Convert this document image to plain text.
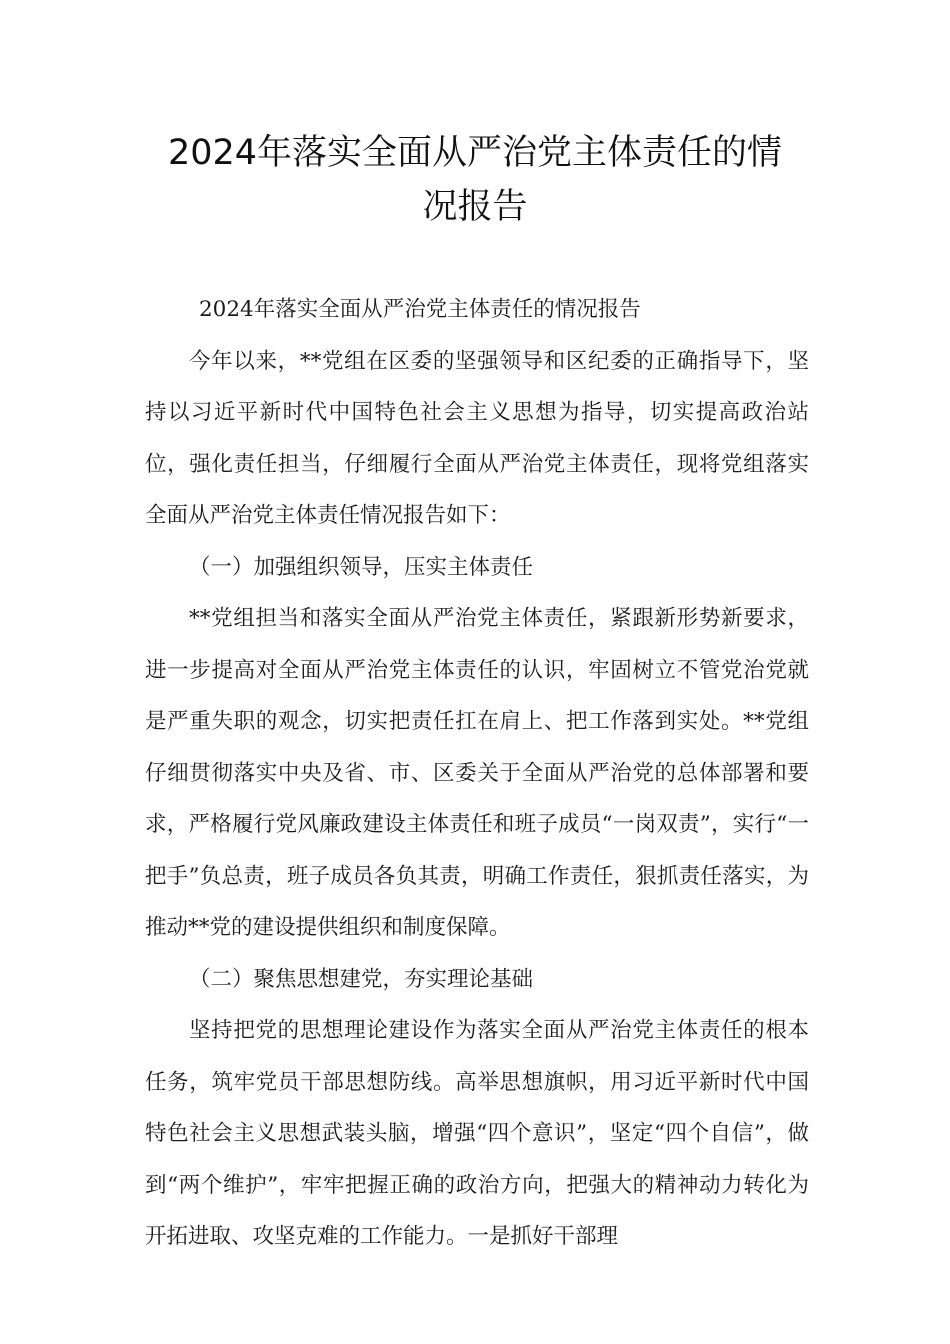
2024年落实全面从严治党主体责任的情
况报告

2024年落实全面从严治党主体责任的情况报告

今年以来，**党组在区委的坚强领导和区纪委的正确指导下，坚持以习近平新时代中国特色社会主义思想为指导，切实提高政治站位，强化责任担当，仔细履行全面从严治党主体责任，现将党组落实全面从严治党主体责任情况报告如下：

（一）加强组织领导，压实主体责任

**党组担当和落实全面从严治党主体责任，紧跟新形势新要求，进一步提高对全面从严治党主体责任的认识，牢固树立不管党治党就是严重失职的观念，切实把责任扛在肩上、把工作落到实处。**党组仔细贯彻落实中央及省、市、区委关于全面从严治党的总体部署和要求，严格履行党风廉政建设主体责任和班子成员“一岗双责”，实行“一把手”负总责，班子成员各负其责，明确工作责任，狠抓责任落实，为推动**党的建设提供组织和制度保障。

（二）聚焦思想建党，夯实理论基础

坚持把党的思想理论建设作为落实全面从严治党主体责任的根本任务，筑牢党员干部思想防线。高举思想旗帜，用习近平新时代中国特色社会主义思想武装头脑，增强“四个意识”，坚定“四个自信”，做到“两个维护”，牢牢把握正确的政治方向，把强大的精神动力转化为开拓进取、攻坚克难的工作能力。一是抓好干部理
